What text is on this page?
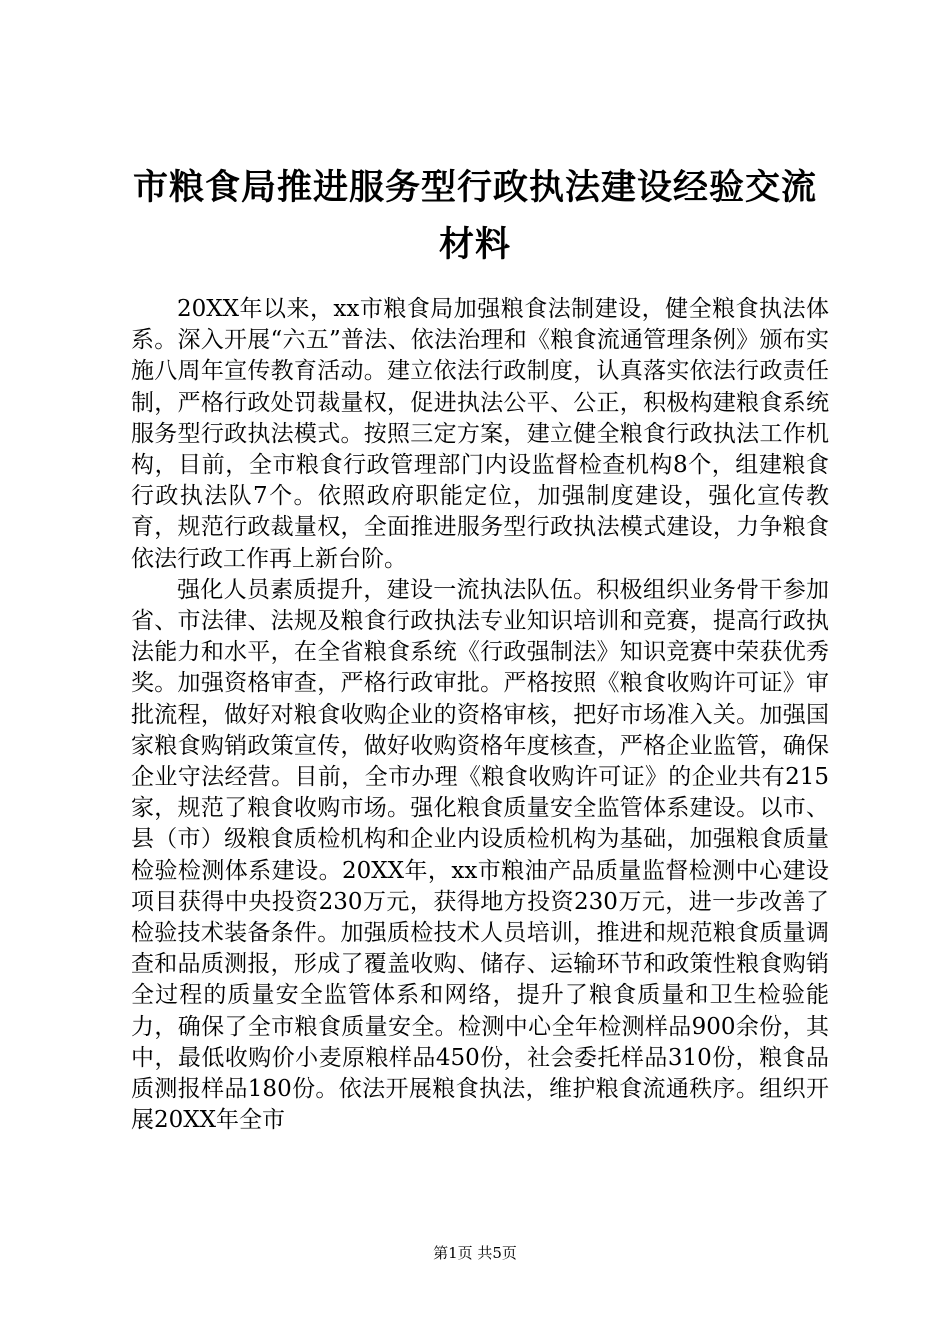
市粮食局推进服务型行政执法建设经验交流材料

20XX年以来，xx市粮食局加强粮食法制建设，健全粮食执法体系。深入开展“六五”普法、依法治理和《粮食流通管理条例》颁布实施八周年宣传教育活动。建立依法行政制度，认真落实依法行政责任制，严格行政处罚裁量权，促进执法公平、公正，积极构建粮食系统服务型行政执法模式。按照三定方案，建立健全粮食行政执法工作机构，目前，全市粮食行政管理部门内设监督检查机构8个，组建粮食行政执法队7个。依照政府职能定位，加强制度建设，强化宣传教育，规范行政裁量权，全面推进服务型行政执法模式建设，力争粮食依法行政工作再上新台阶。

强化人员素质提升，建设一流执法队伍。积极组织业务骨干参加省、市法律、法规及粮食行政执法专业知识培训和竞赛，提高行政执法能力和水平，在全省粮食系统《行政强制法》知识竞赛中荣获优秀奖。加强资格审查，严格行政审批。严格按照《粮食收购许可证》审批流程，做好对粮食收购企业的资格审核，把好市场准入关。加强国家粮食购销政策宣传，做好收购资格年度核查，严格企业监管，确保企业守法经营。目前，全市办理《粮食收购许可证》的企业共有215家，规范了粮食收购市场。强化粮食质量安全监管体系建设。以市、县（市）级粮食质检机构和企业内设质检机构为基础，加强粮食质量检验检测体系建设。20XX年，xx市粮油产品质量监督检测中心建设项目获得中央投资230万元，获得地方投资230万元，进一步改善了检验技术装备条件。加强质检技术人员培训，推进和规范粮食质量调查和品质测报，形成了覆盖收购、储存、运输环节和政策性粮食购销全过程的质量安全监管体系和网络，提升了粮食质量和卫生检验能力，确保了全市粮食质量安全。检测中心全年检测样品900余份，其中，最低收购价小麦原粮样品450份，社会委托样品310份，粮食品质测报样品180份。依法开展粮食执法，维护粮食流通秩序。组织开展20XX年全市

第1页 共5页
